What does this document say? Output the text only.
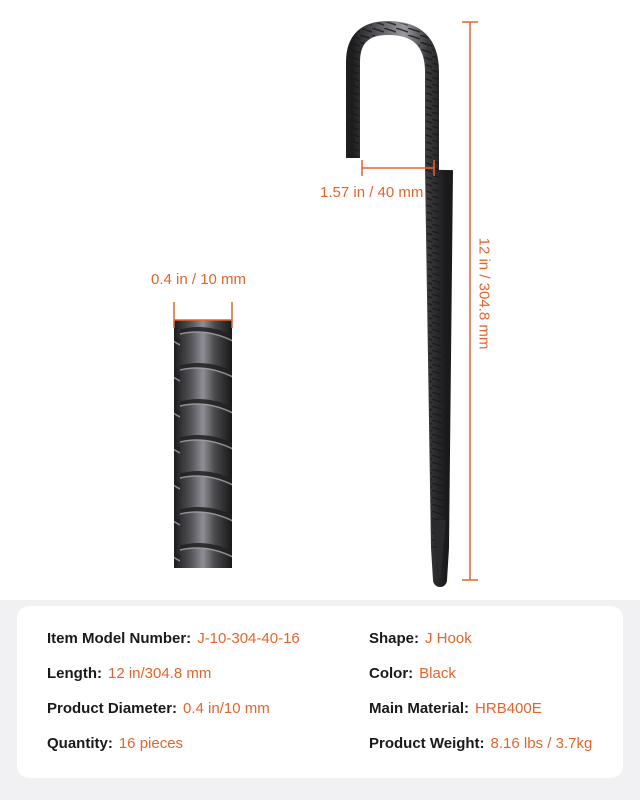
1.57 in / 40 mm
0.4 in / 10 mm	12 in / 304.8 mm
Item Model Number: J-10-304-40-16
Length: 12 in/304.8 mm
Product Diameter: 0.4 in/10 mm
Quantity: 16 pieces
Shape: J Hook
Color: Black
Main Material: HRB400E
Product Weight: 8.16 lbs / 3.7kg
